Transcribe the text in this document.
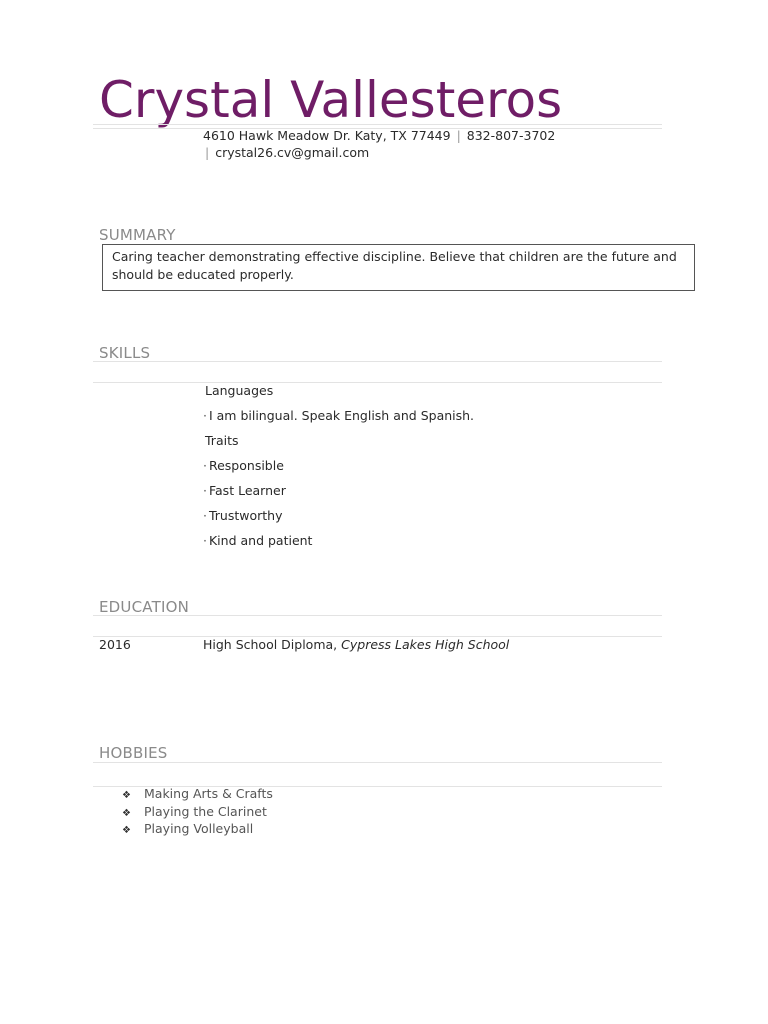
Crystal Vallesteros
4610 Hawk Meadow Dr. Katy, TX 77449 | 832-807-3702 | crystal26.cv@gmail.com
SUMMARY
Caring teacher demonstrating effective discipline. Believe that children are the future and should be educated properly.
SKILLS
Languages
· I am bilingual. Speak English and Spanish.
Traits
· Responsible
· Fast Learner
· Trustworthy
· Kind and patient
EDUCATION
2016	High School Diploma, Cypress Lakes High School
HOBBIES
❖ Making Arts & Crafts
❖ Playing the Clarinet
❖ Playing Volleyball
